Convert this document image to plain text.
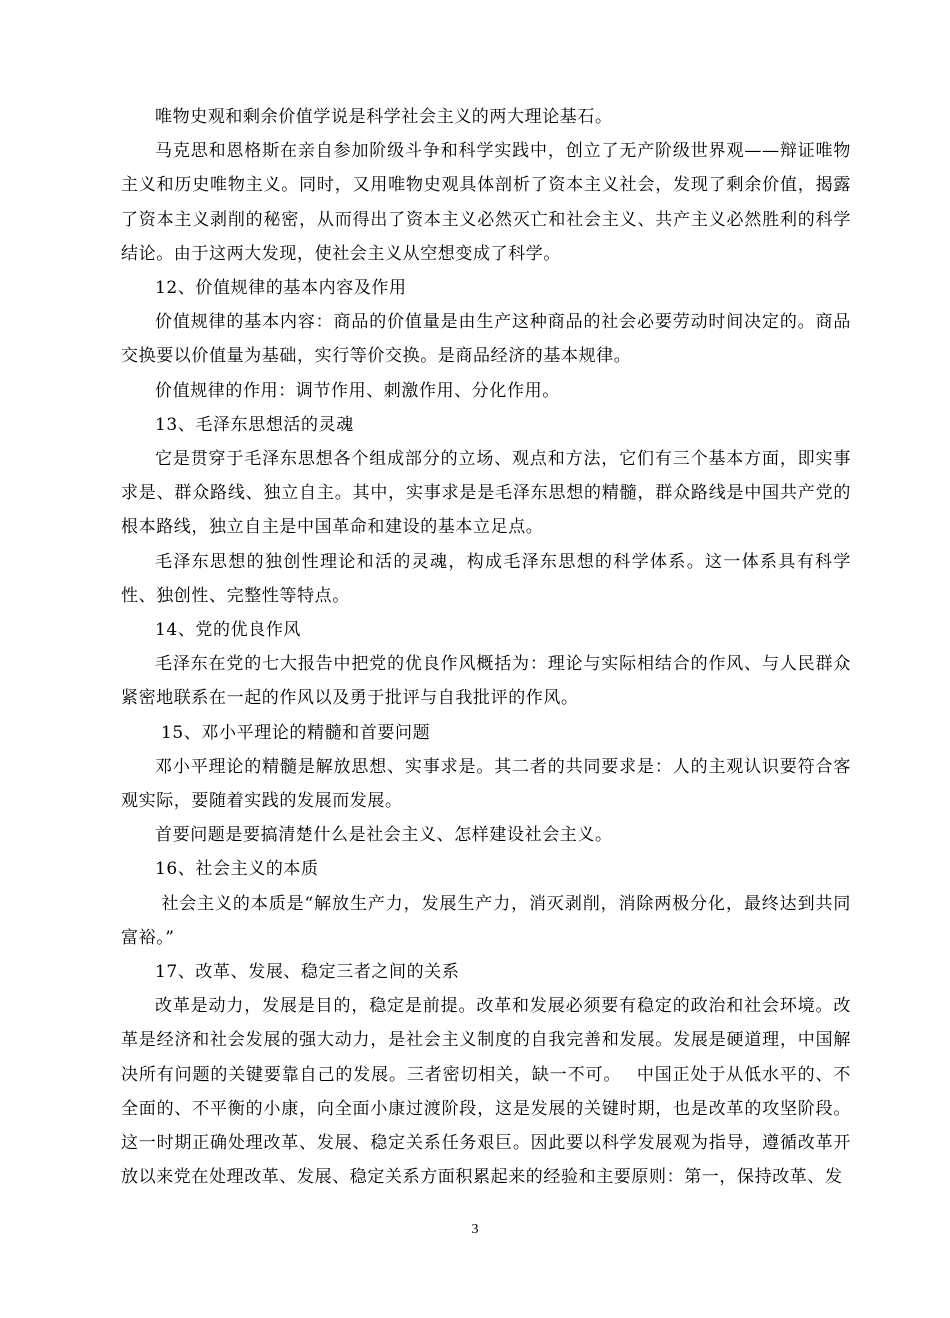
唯物史观和剩余价值学说是科学社会主义的两大理论基石。

马克思和恩格斯在亲自参加阶级斗争和科学实践中，创立了无产阶级世界观——辩证唯物主义和历史唯物主义。同时，又用唯物史观具体剖析了资本主义社会，发现了剩余价值，揭露了资本主义剥削的秘密，从而得出了资本主义必然灭亡和社会主义、共产主义必然胜利的科学结论。由于这两大发现，使社会主义从空想变成了科学。

12、价值规律的基本内容及作用

价值规律的基本内容：商品的价值量是由生产这种商品的社会必要劳动时间决定的。商品交换要以价值量为基础，实行等价交换。是商品经济的基本规律。

价值规律的作用：调节作用、刺激作用、分化作用。

13、毛泽东思想活的灵魂

它是贯穿于毛泽东思想各个组成部分的立场、观点和方法，它们有三个基本方面，即实事求是、群众路线、独立自主。其中，实事求是是毛泽东思想的精髓，群众路线是中国共产党的根本路线，独立自主是中国革命和建设的基本立足点。

毛泽东思想的独创性理论和活的灵魂，构成毛泽东思想的科学体系。这一体系具有科学性、独创性、完整性等特点。

14、党的优良作风

毛泽东在党的七大报告中把党的优良作风概括为：理论与实际相结合的作风、与人民群众紧密地联系在一起的作风以及勇于批评与自我批评的作风。

15、邓小平理论的精髓和首要问题

邓小平理论的精髓是解放思想、实事求是。其二者的共同要求是：人的主观认识要符合客观实际，要随着实践的发展而发展。

首要问题是要搞清楚什么是社会主义、怎样建设社会主义。

16、社会主义的本质

社会主义的本质是“解放生产力，发展生产力，消灭剥削，消除两极分化，最终达到共同富裕。”

17、改革、发展、稳定三者之间的关系

改革是动力，发展是目的，稳定是前提。改革和发展必须要有稳定的政治和社会环境。改革是经济和社会发展的强大动力，是社会主义制度的自我完善和发展。发展是硬道理，中国解决所有问题的关键要靠自己的发展。三者密切相关，缺一不可。　 中国正处于从低水平的、不全面的、不平衡的小康，向全面小康过渡阶段，这是发展的关键时期，也是改革的攻坚阶段。这一时期正确处理改革、发展、稳定关系任务艰巨。因此要以科学发展观为指导，遵循改革开放以来党在处理改革、发展、稳定关系方面积累起来的经验和主要原则：第一，保持改革、发

3
